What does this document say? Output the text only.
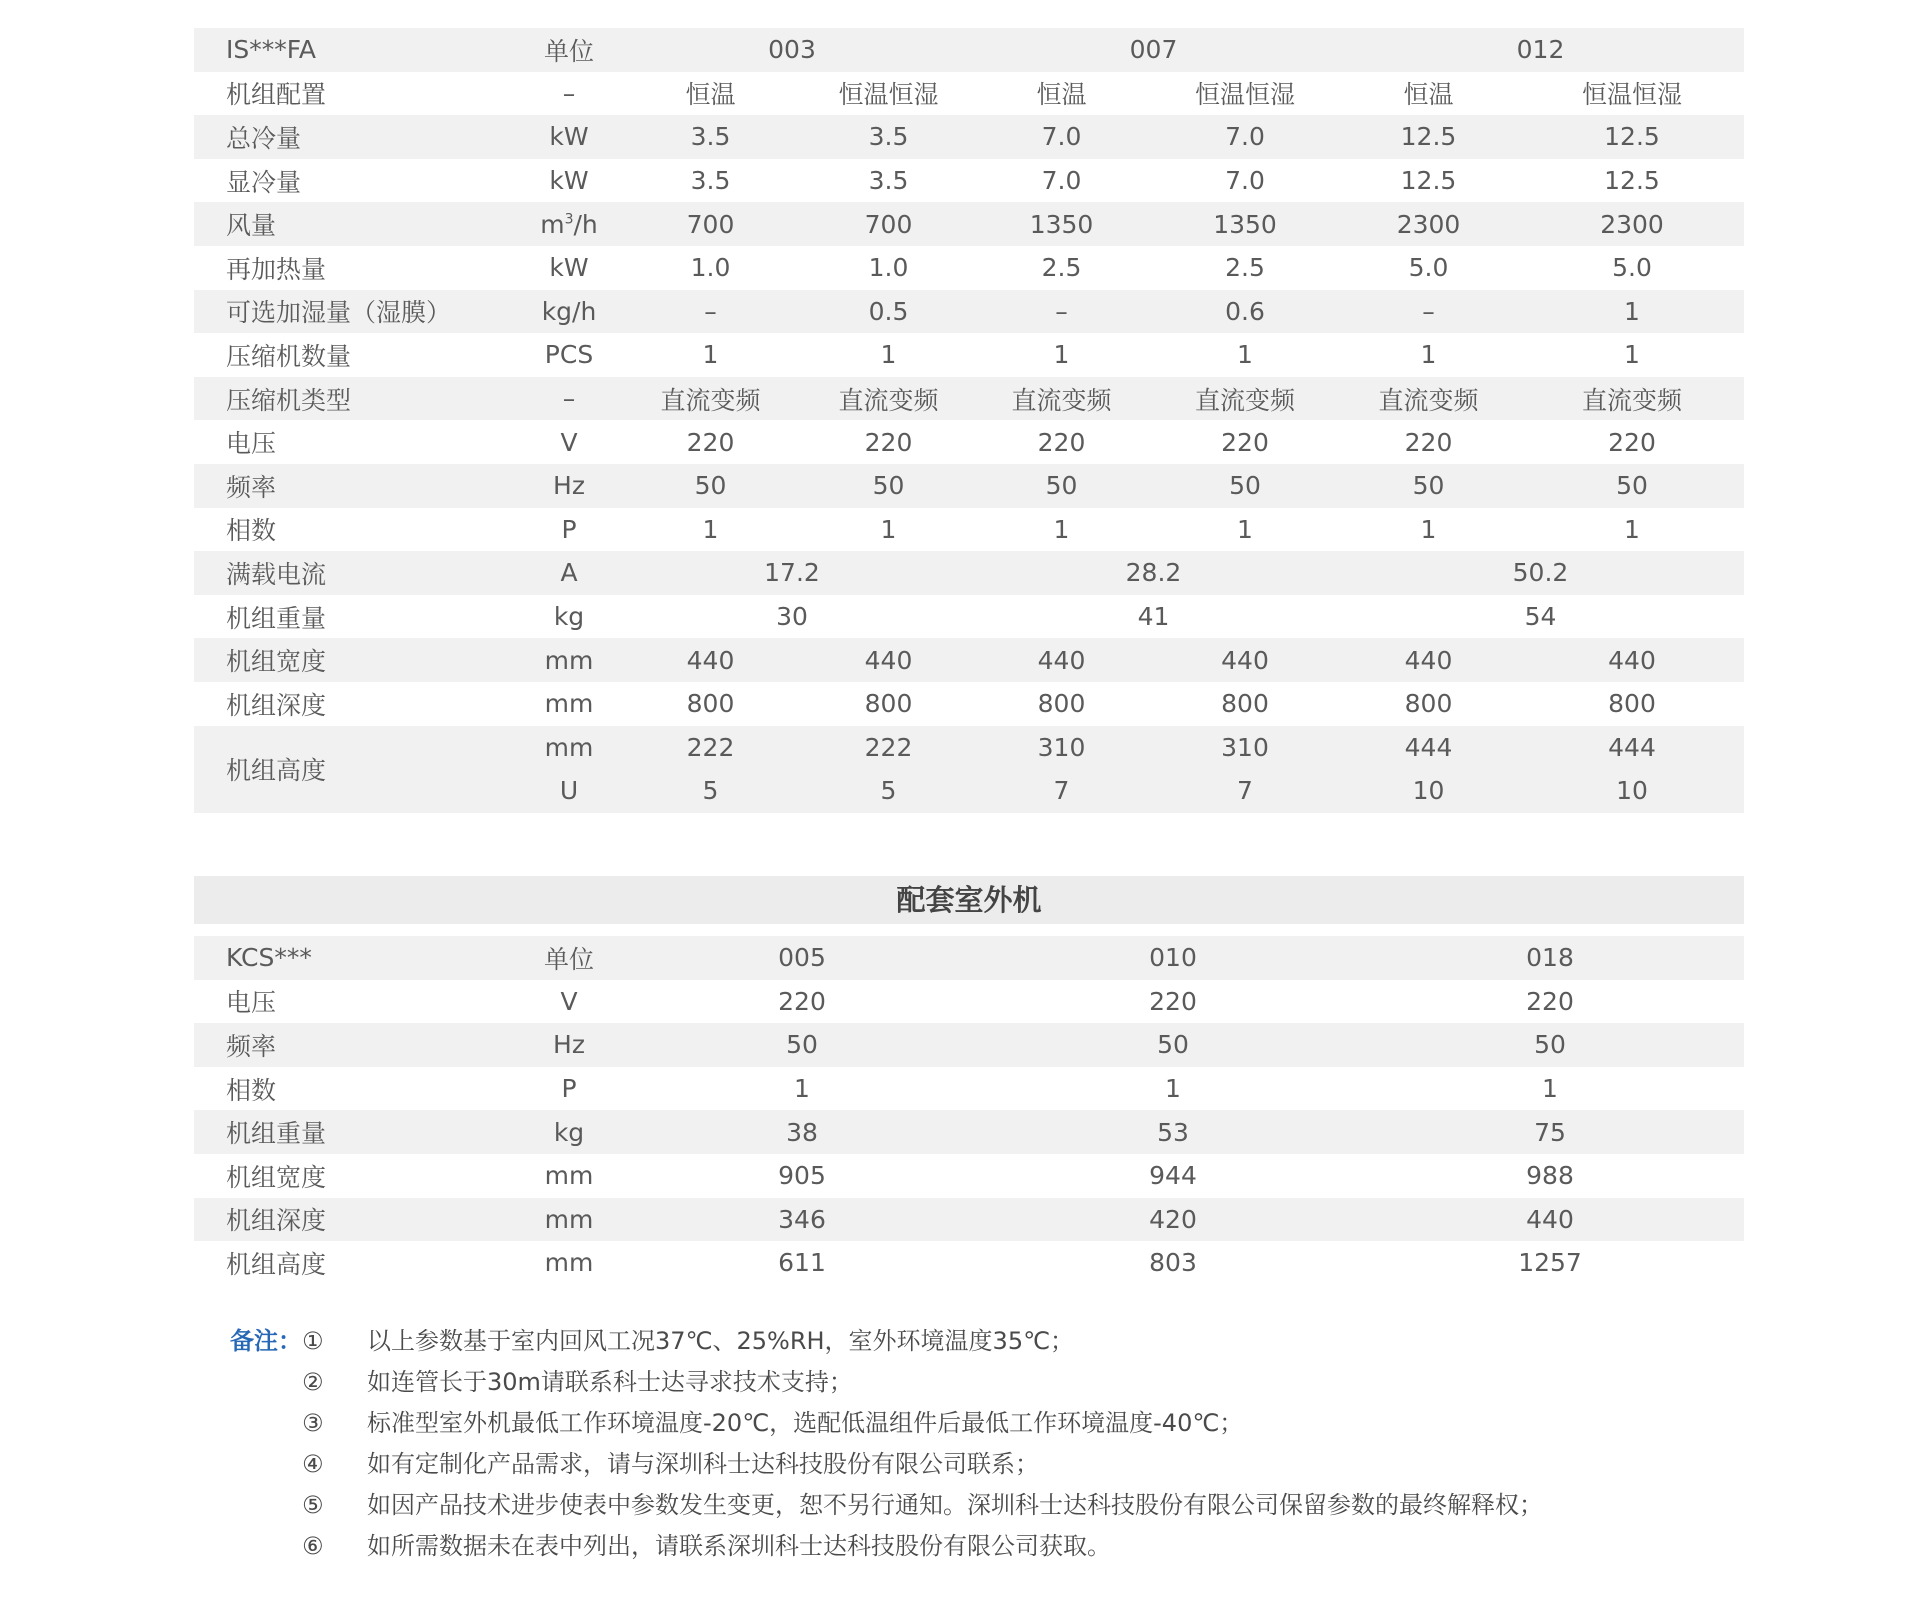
IS***FA	单位	003		007		012	
机组配置	–	恒温	恒温恒湿	恒温	恒温恒湿	恒温	恒温恒湿
总冷量	kW	3.5	3.5	7.0	7.0	12.5	12.5
显冷量	kW	3.5	3.5	7.0	7.0	12.5	12.5
风量	$m^3/h$	700	700	1350	1350	2300	2300
再加热量	kW	1.0	1.0	2.5	2.5	5.0	5.0
可选加湿量（湿膜）	kg/h	–	0.5	–	0.6	–	1
压缩机数量	PCS	1	1	1	1	1	1
压缩机类型	–	直流变频	直流变频	直流变频	直流变频	直流变频	直流变频
电压	V	220	220	220	220	220	220
频率	Hz	50	50	50	50	50	50
相数	P	1	1	1	1	1	1
满载电流	A	17.2		28.2		50.2	
机组重量	kg	30		41		54	
机组宽度	mm	440	440	440	440	440	440
机组深度	mm	800	800	800	800	800	800
机组高度	mm	222	222	310	310	444	444
	U	5	5	7	7	10	10
配套室外机
KCS***	单位	005	010	018
电压	V	220	220	220
频率	Hz	50	50	50
相数	P	1	1	1
机组重量	kg	38	53	75
机组宽度	mm	905	944	988
机组深度	mm	346	420	440
机组高度	mm	611	803	1257
备注： ① 以上参数基于室内回风工况37℃、25%RH，室外环境温度35℃；
② 如连管长于30m请联系科士达寻求技术支持；
③ 标准型室外机最低工作环境温度-20℃，选配低温组件后最低工作环境温度-40℃；
④ 如有定制化产品需求，请与深圳科士达科技股份有限公司联系；
⑤ 如因产品技术进步使表中参数发生变更，恕不另行通知。深圳科士达科技股份有限公司保留参数的最终解释权；
⑥ 如所需数据未在表中列出，请联系深圳科士达科技股份有限公司获取。
